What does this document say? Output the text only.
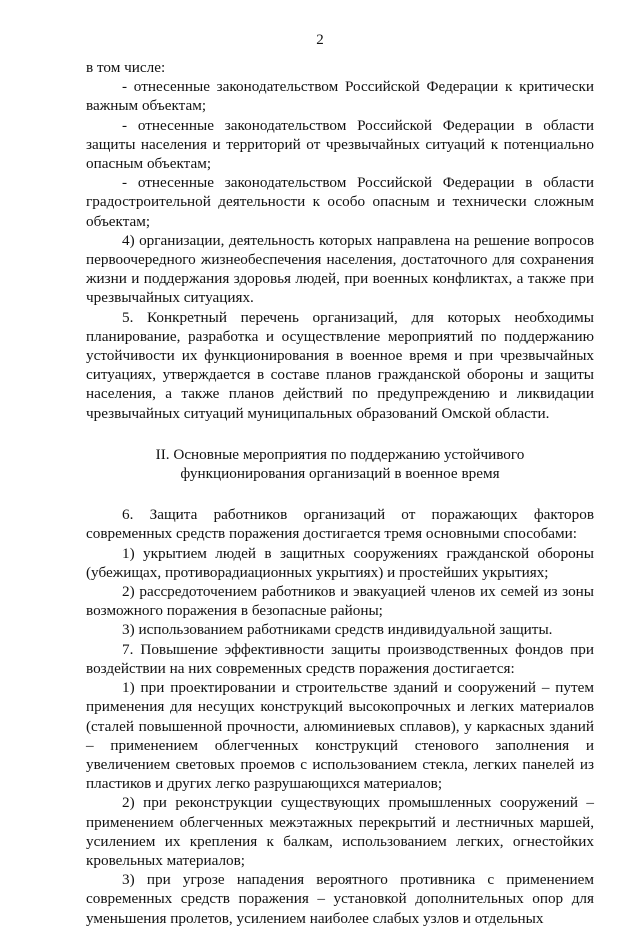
2

в том числе:

- отнесенные законодательством Российской Федерации к критически важным объектам;

- отнесенные законодательством Российской Федерации в области защиты населения и территорий от чрезвычайных ситуаций к потенциально опасным объектам;

- отнесенные законодательством Российской Федерации в области градостроительной деятельности к особо опасным и технически сложным объектам;

4) организации, деятельность которых направлена на решение вопросов первоочередного жизнеобеспечения населения, достаточного для сохранения жизни и поддержания здоровья людей, при военных конфликтах, а также при чрезвычайных ситуациях.

5. Конкретный перечень организаций, для которых необходимы планирование, разработка и осуществление мероприятий по поддержанию устойчивости их функционирования в военное время и при чрезвычайных ситуациях, утверждается в составе планов гражданской обороны и защиты населения, а также планов действий по предупреждению и ликвидации чрезвычайных ситуаций муниципальных образований Омской области.

II. Основные мероприятия по поддержанию устойчивого
функционирования организаций в военное время

6. Защита работников организаций от поражающих факторов современных средств поражения достигается тремя основными способами:

1) укрытием людей в защитных сооружениях гражданской обороны (убежищах, противорадиационных укрытиях) и простейших укрытиях;

2) рассредоточением работников и эвакуацией членов их семей из зоны возможного поражения в безопасные районы;

3) использованием работниками средств индивидуальной защиты.

7. Повышение эффективности защиты производственных фондов при воздействии на них современных средств поражения достигается:

1) при проектировании и строительстве зданий и сооружений – путем применения для несущих конструкций высокопрочных и легких материалов (сталей повышенной прочности, алюминиевых сплавов), у каркасных зданий – применением облегченных конструкций стенового заполнения и увеличением световых проемов с использованием стекла, легких панелей из пластиков и других легко разрушающихся материалов;

2) при реконструкции существующих промышленных сооружений – применением облегченных межэтажных перекрытий и лестничных маршей, усилением их крепления к балкам, использованием легких, огнестойких кровельных материалов;

3) при угрозе нападения вероятного противника с применением современных средств поражения – установкой дополнительных опор для уменьшения пролетов, усилением наиболее слабых узлов и отдельных
